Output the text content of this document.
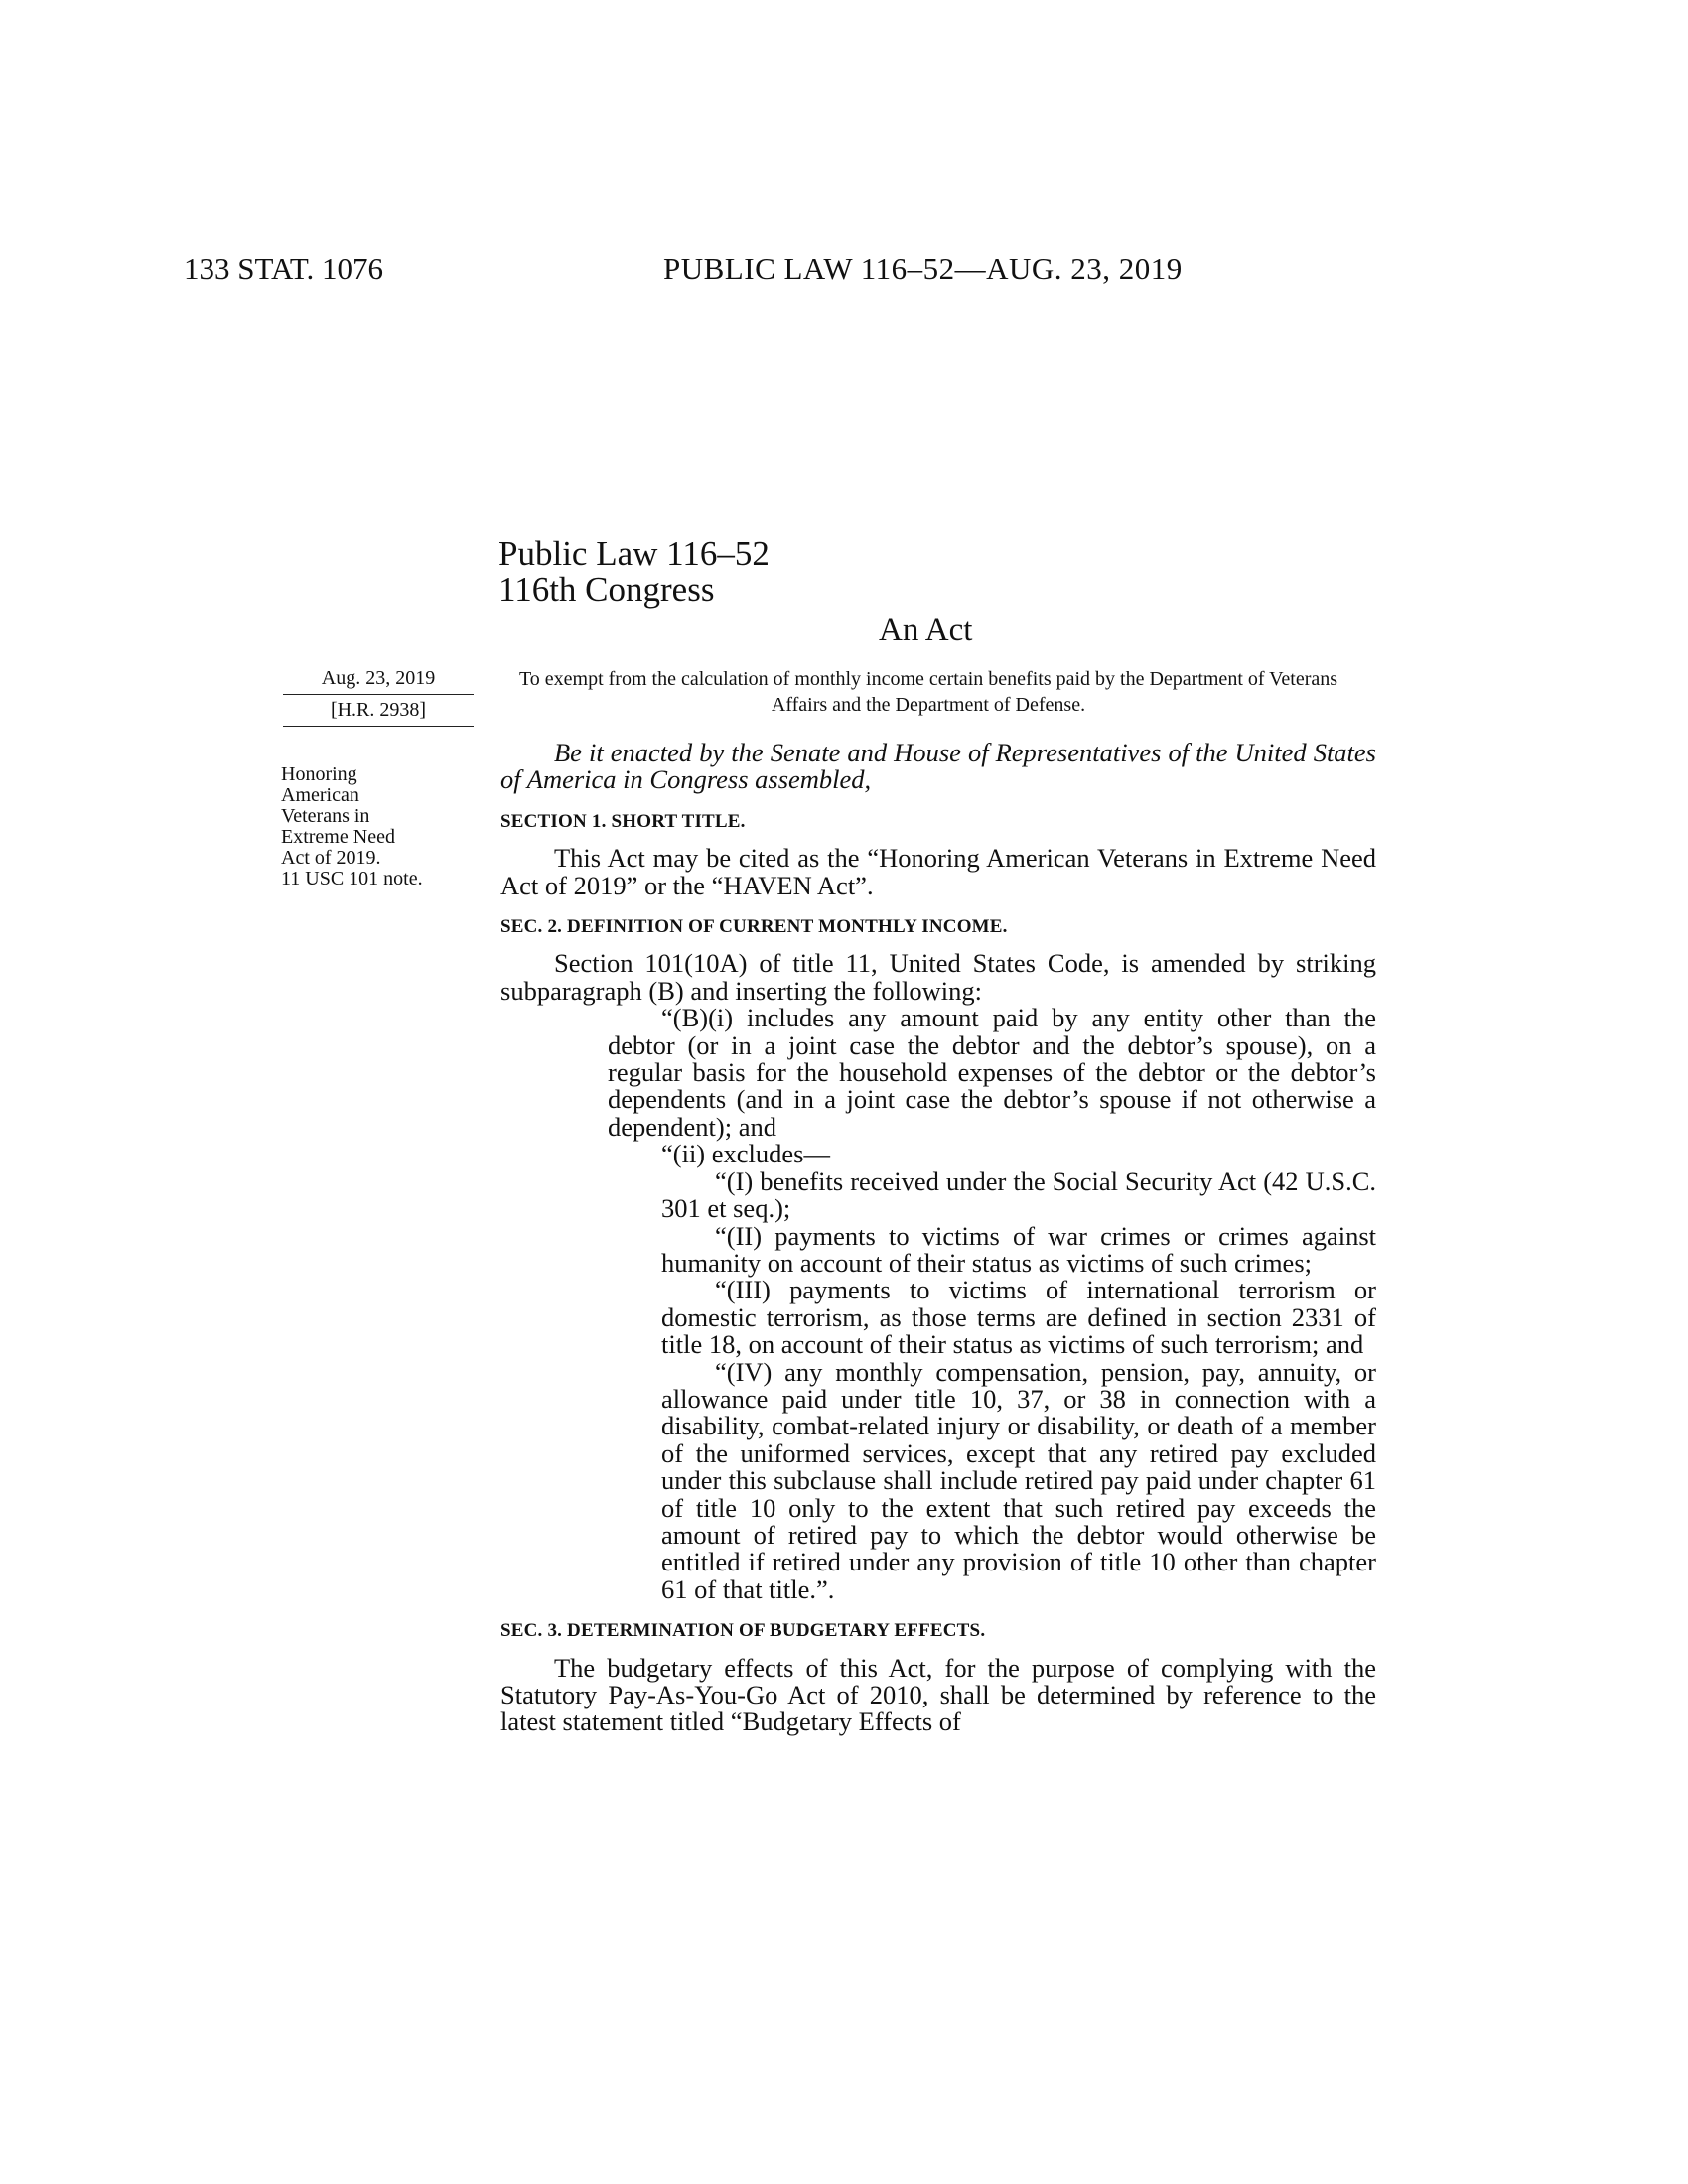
133 STAT. 1076	PUBLIC LAW 116–52—AUG. 23, 2019
Public Law 116–52
116th Congress
An Act
Aug. 23, 2019
[H.R. 2938]
To exempt from the calculation of monthly income certain benefits paid by the Department of Veterans Affairs and the Department of Defense.
Honoring
American
Veterans in
Extreme Need
Act of 2019.
11 USC 101 note.

Be it enacted by the Senate and House of Representatives of the United States of America in Congress assembled,

SECTION 1. SHORT TITLE.

This Act may be cited as the “Honoring American Veterans in Extreme Need Act of 2019” or the “HAVEN Act”.

SEC. 2. DEFINITION OF CURRENT MONTHLY INCOME.

Section 101(10A) of title 11, United States Code, is amended by striking subparagraph (B) and inserting the following:

“(B)(i) includes any amount paid by any entity other than the debtor (or in a joint case the debtor and the debtor’s spouse), on a regular basis for the household expenses of the debtor or the debtor’s dependents (and in a joint case the debtor’s spouse if not otherwise a dependent); and

“(ii) excludes—

“(I) benefits received under the Social Security Act (42 U.S.C. 301 et seq.);

“(II) payments to victims of war crimes or crimes against humanity on account of their status as victims of such crimes;

“(III) payments to victims of international terrorism or domestic terrorism, as those terms are defined in section 2331 of title 18, on account of their status as victims of such terrorism; and

“(IV) any monthly compensation, pension, pay, annuity, or allowance paid under title 10, 37, or 38 in connection with a disability, combat-related injury or disability, or death of a member of the uniformed services, except that any retired pay excluded under this subclause shall include retired pay paid under chapter 61 of title 10 only to the extent that such retired pay exceeds the amount of retired pay to which the debtor would otherwise be entitled if retired under any provision of title 10 other than chapter 61 of that title.”.

SEC. 3. DETERMINATION OF BUDGETARY EFFECTS.

The budgetary effects of this Act, for the purpose of complying with the Statutory Pay-As-You-Go Act of 2010, shall be determined by reference to the latest statement titled “Budgetary Effects of
